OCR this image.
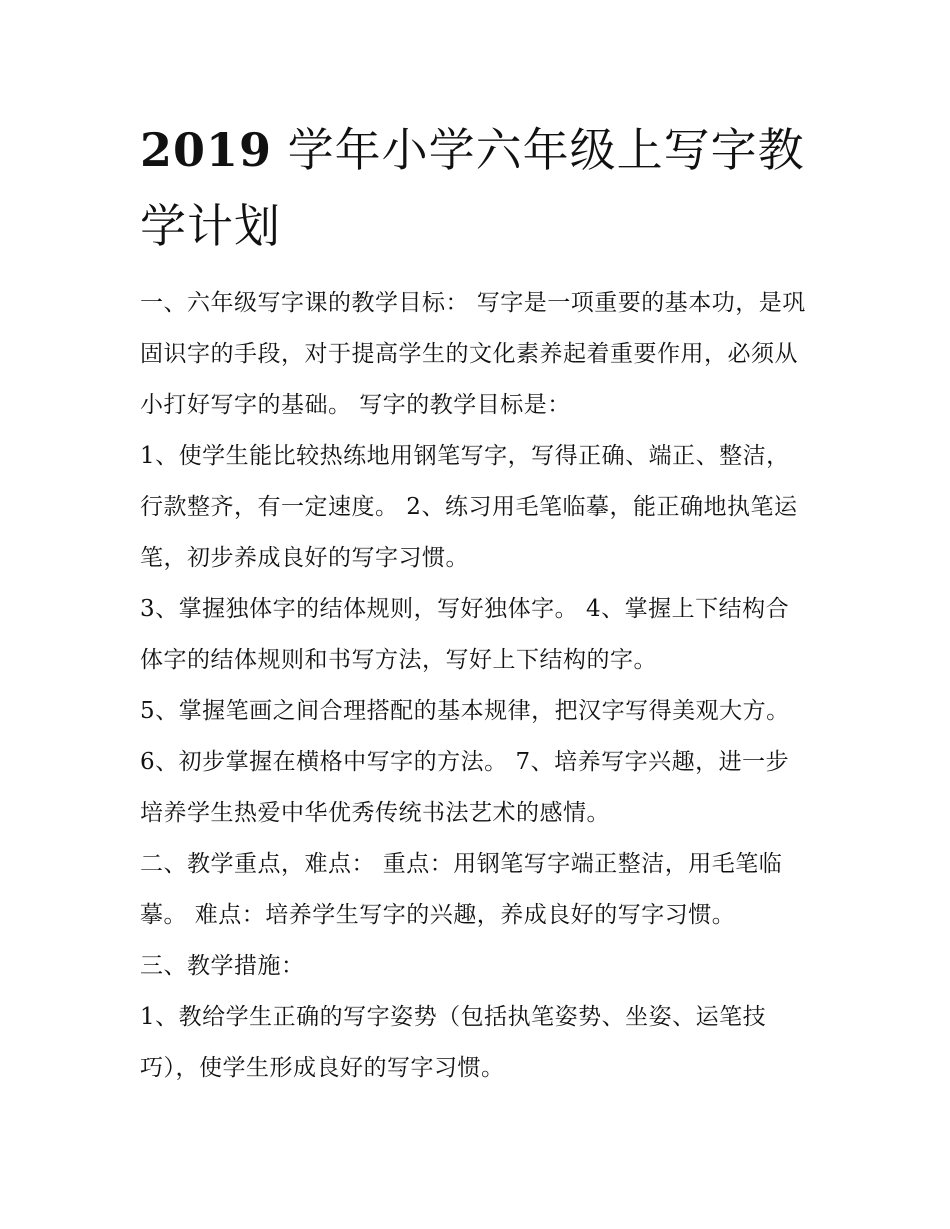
2019 学年小学六年级上写字教学计划

一、六年级写字课的教学目标： 写字是一项重要的基本功，是巩固识字的手段，对于提高学生的文化素养起着重要作用，必须从小打好写字的基础。 写字的教学目标是：

1、使学生能比较热练地用钢笔写字，写得正确、端正、整洁，行款整齐，有一定速度。 2、练习用毛笔临摹，能正确地执笔运笔，初步养成良好的写字习惯。

3、掌握独体字的结体规则，写好独体字。 4、掌握上下结构合体字的结体规则和书写方法，写好上下结构的字。

5、掌握笔画之间合理搭配的基本规律，把汉字写得美观大方。 6、初步掌握在横格中写字的方法。 7、培养写字兴趣，进一步培养学生热爱中华优秀传统书法艺术的感情。

二、教学重点，难点： 重点：用钢笔写字端正整洁，用毛笔临摹。 难点：培养学生写字的兴趣，养成良好的写字习惯。

三、教学措施：

1、教给学生正确的写字姿势（包括执笔姿势、坐姿、运笔技巧），使学生形成良好的写字习惯。
